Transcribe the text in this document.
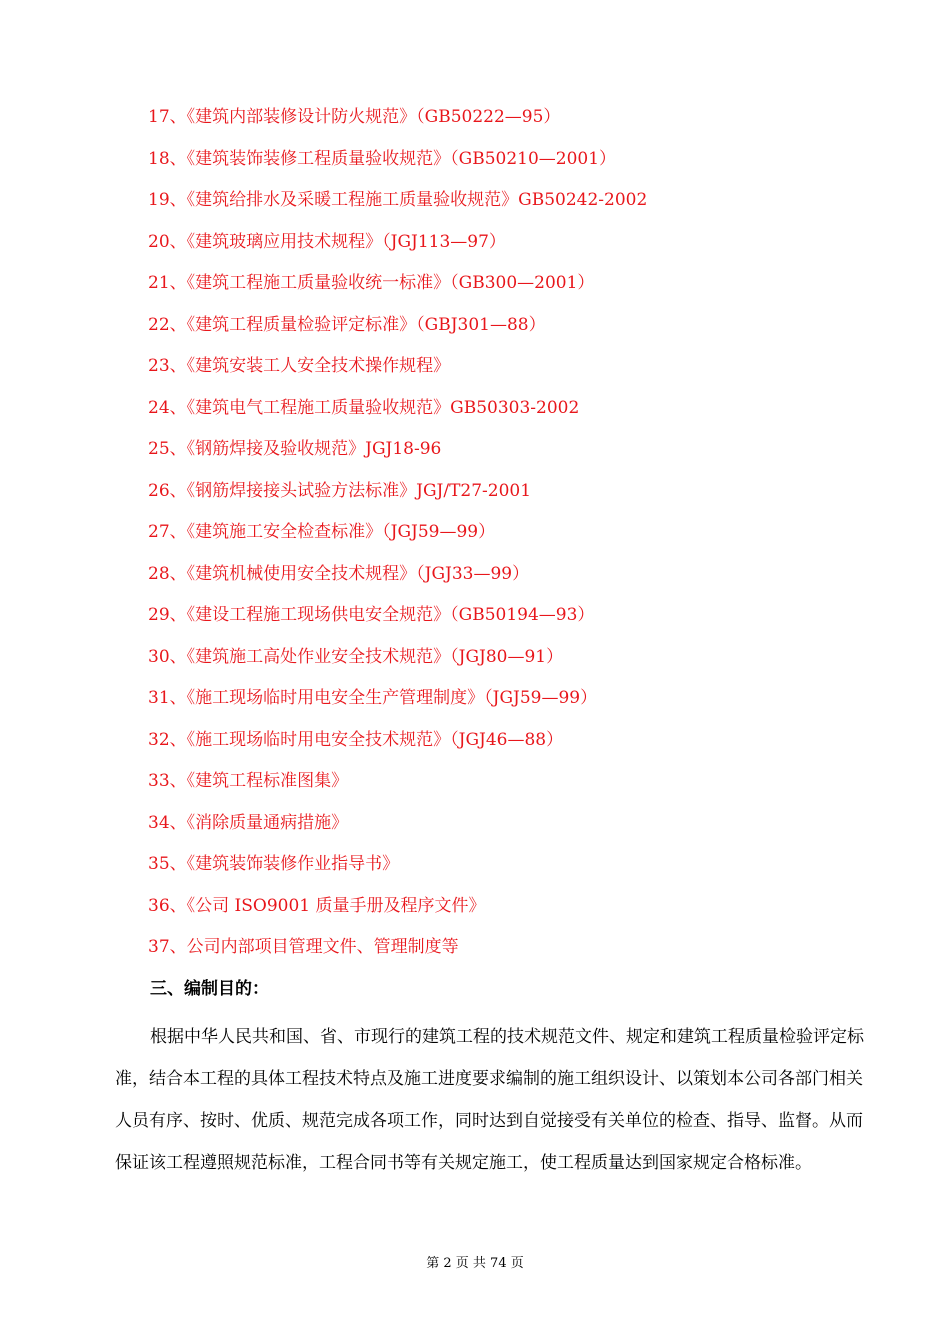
17、《建筑内部装修设计防火规范》（GB50222—95）
18、《建筑装饰装修工程质量验收规范》（GB50210—2001）
19、《建筑给排水及采暖工程施工质量验收规范》GB50242-2002
20、《建筑玻璃应用技术规程》（JGJ113—97）
21、《建筑工程施工质量验收统一标准》（GB300—2001）
22、《建筑工程质量检验评定标准》（GBJ301—88）
23、《建筑安装工人安全技术操作规程》
24、《建筑电气工程施工质量验收规范》GB50303-2002
25、《钢筋焊接及验收规范》JGJ18-96
26、《钢筋焊接接头试验方法标准》JGJ/T27-2001
27、《建筑施工安全检查标准》（JGJ59—99）
28、《建筑机械使用安全技术规程》（JGJ33—99）
29、《建设工程施工现场供电安全规范》（GB50194—93）
30、《建筑施工高处作业安全技术规范》（JGJ80—91）
31、《施工现场临时用电安全生产管理制度》（JGJ59—99）
32、《施工现场临时用电安全技术规范》（JGJ46—88）
33、《建筑工程标准图集》
34、《消除质量通病措施》
35、《建筑装饰装修作业指导书》
36、《公司 ISO9001 质量手册及程序文件》
37、公司内部项目管理文件、管理制度等
三、编制目的：
根据中华人民共和国、省、市现行的建筑工程的技术规范文件、规定和建筑工程质量检验评定标准，结合本工程的具体工程技术特点及施工进度要求编制的施工组织设计、以策划本公司各部门相关人员有序、按时、优质、规范完成各项工作，同时达到自觉接受有关单位的检查、指导、监督。从而保证该工程遵照规范标准，工程合同书等有关规定施工，使工程质量达到国家规定合格标准。
第 2 页 共 74 页
